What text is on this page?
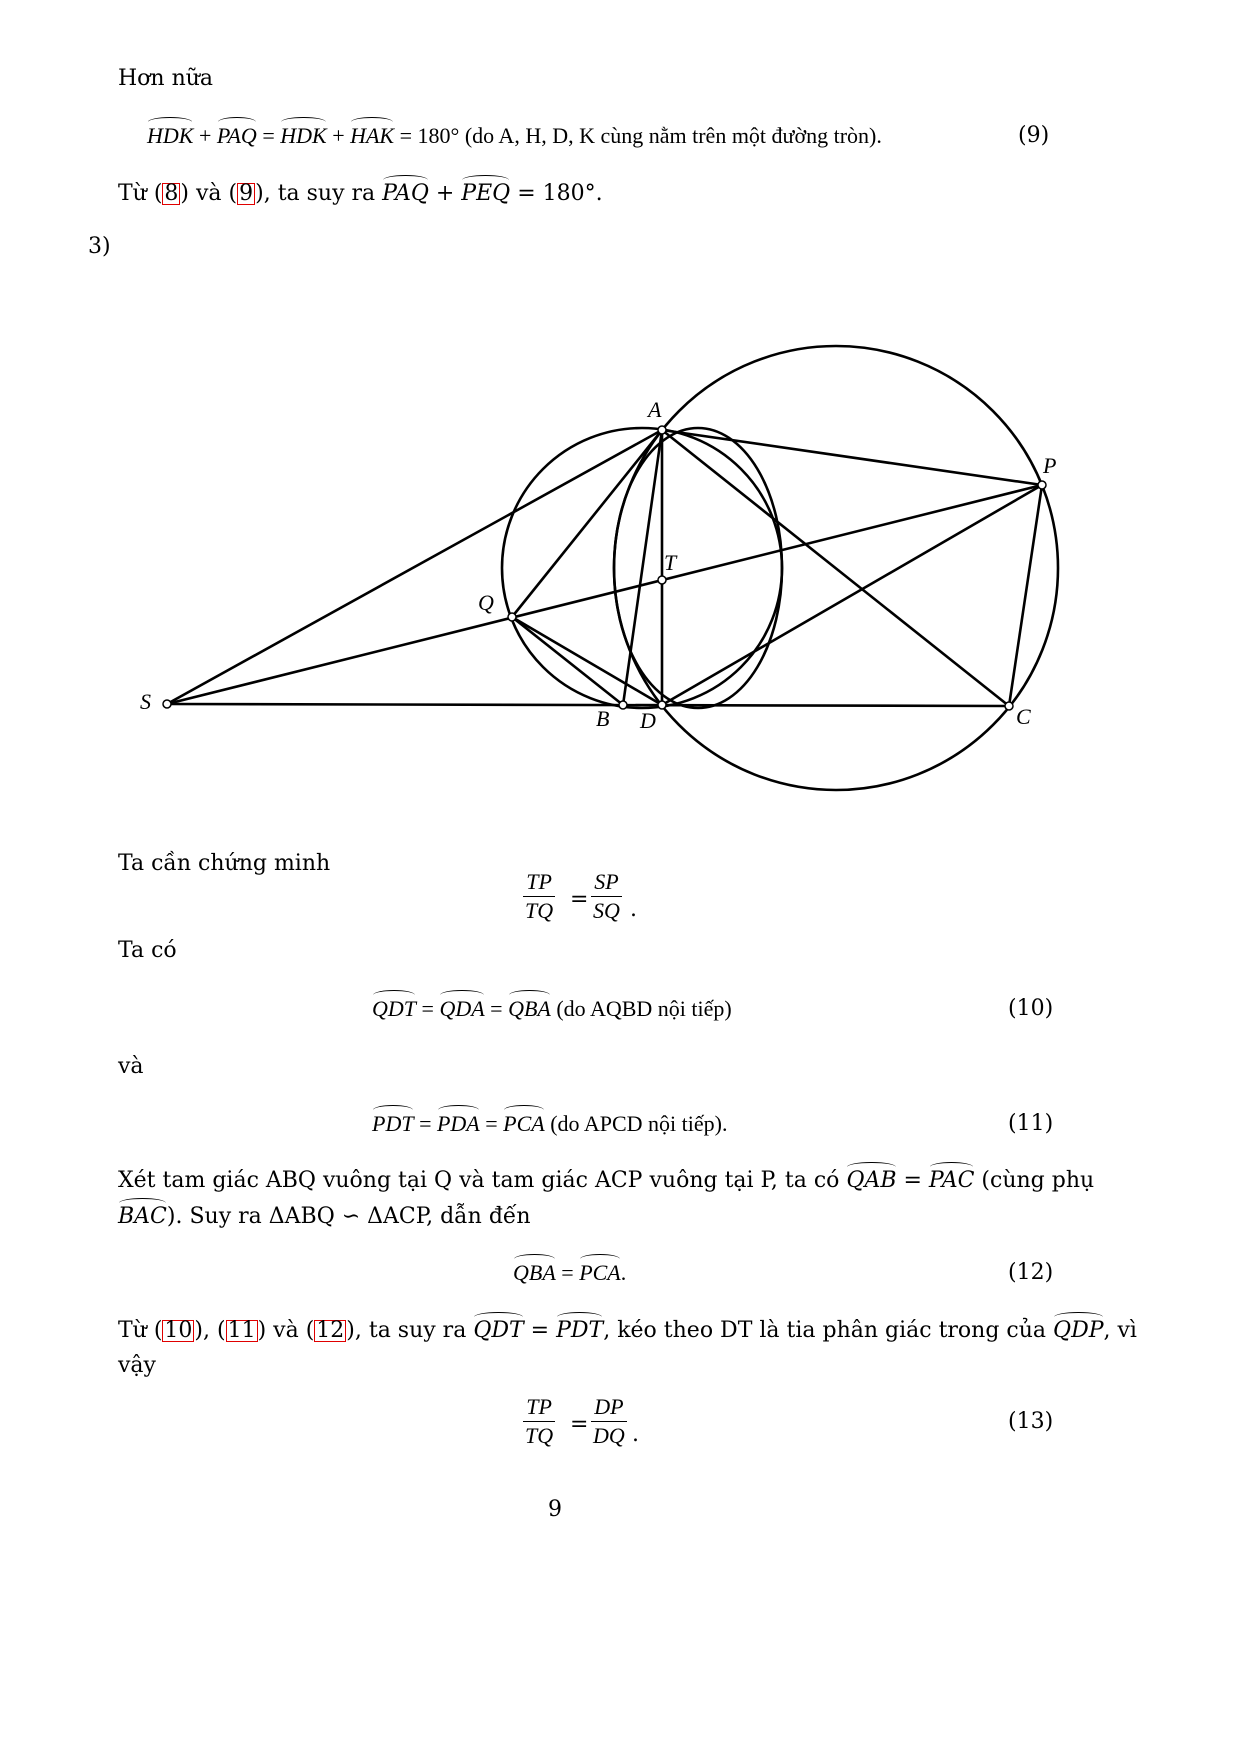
Hơn nữa
HDK + PAQ = HDK + HAK = 180° (do A, H, D, K cùng nằm trên một đường tròn).	(9)
Từ (8) và (9), ta suy ra PAQ + PEQ = 180°.
3)
A
P
T
Q
S
B D	C
Ta cần chứng minh
$\frac{TP}{TQ} = \frac{SP}{SQ}$ .
Ta có
QDT = QDA = QBA (do AQBD nội tiếp)	(10)
và
PDT = PDA = PCA (do APCD nội tiếp).	(11)
Xét tam giác ABQ vuông tại Q và tam giác ACP vuông tại P, ta có QAB = PAC (cùng phụ
BAC). Suy ra ΔABQ ∽ ΔACP, dẫn đến
QBA = PCA.	(12)
Từ (10), (11) và (12), ta suy ra QDT = PDT, kéo theo DT là tia phân giác trong của QDP, vì
vậy
$\frac{TP}{TQ} = \frac{DP}{DQ}$ .
(13)
9
